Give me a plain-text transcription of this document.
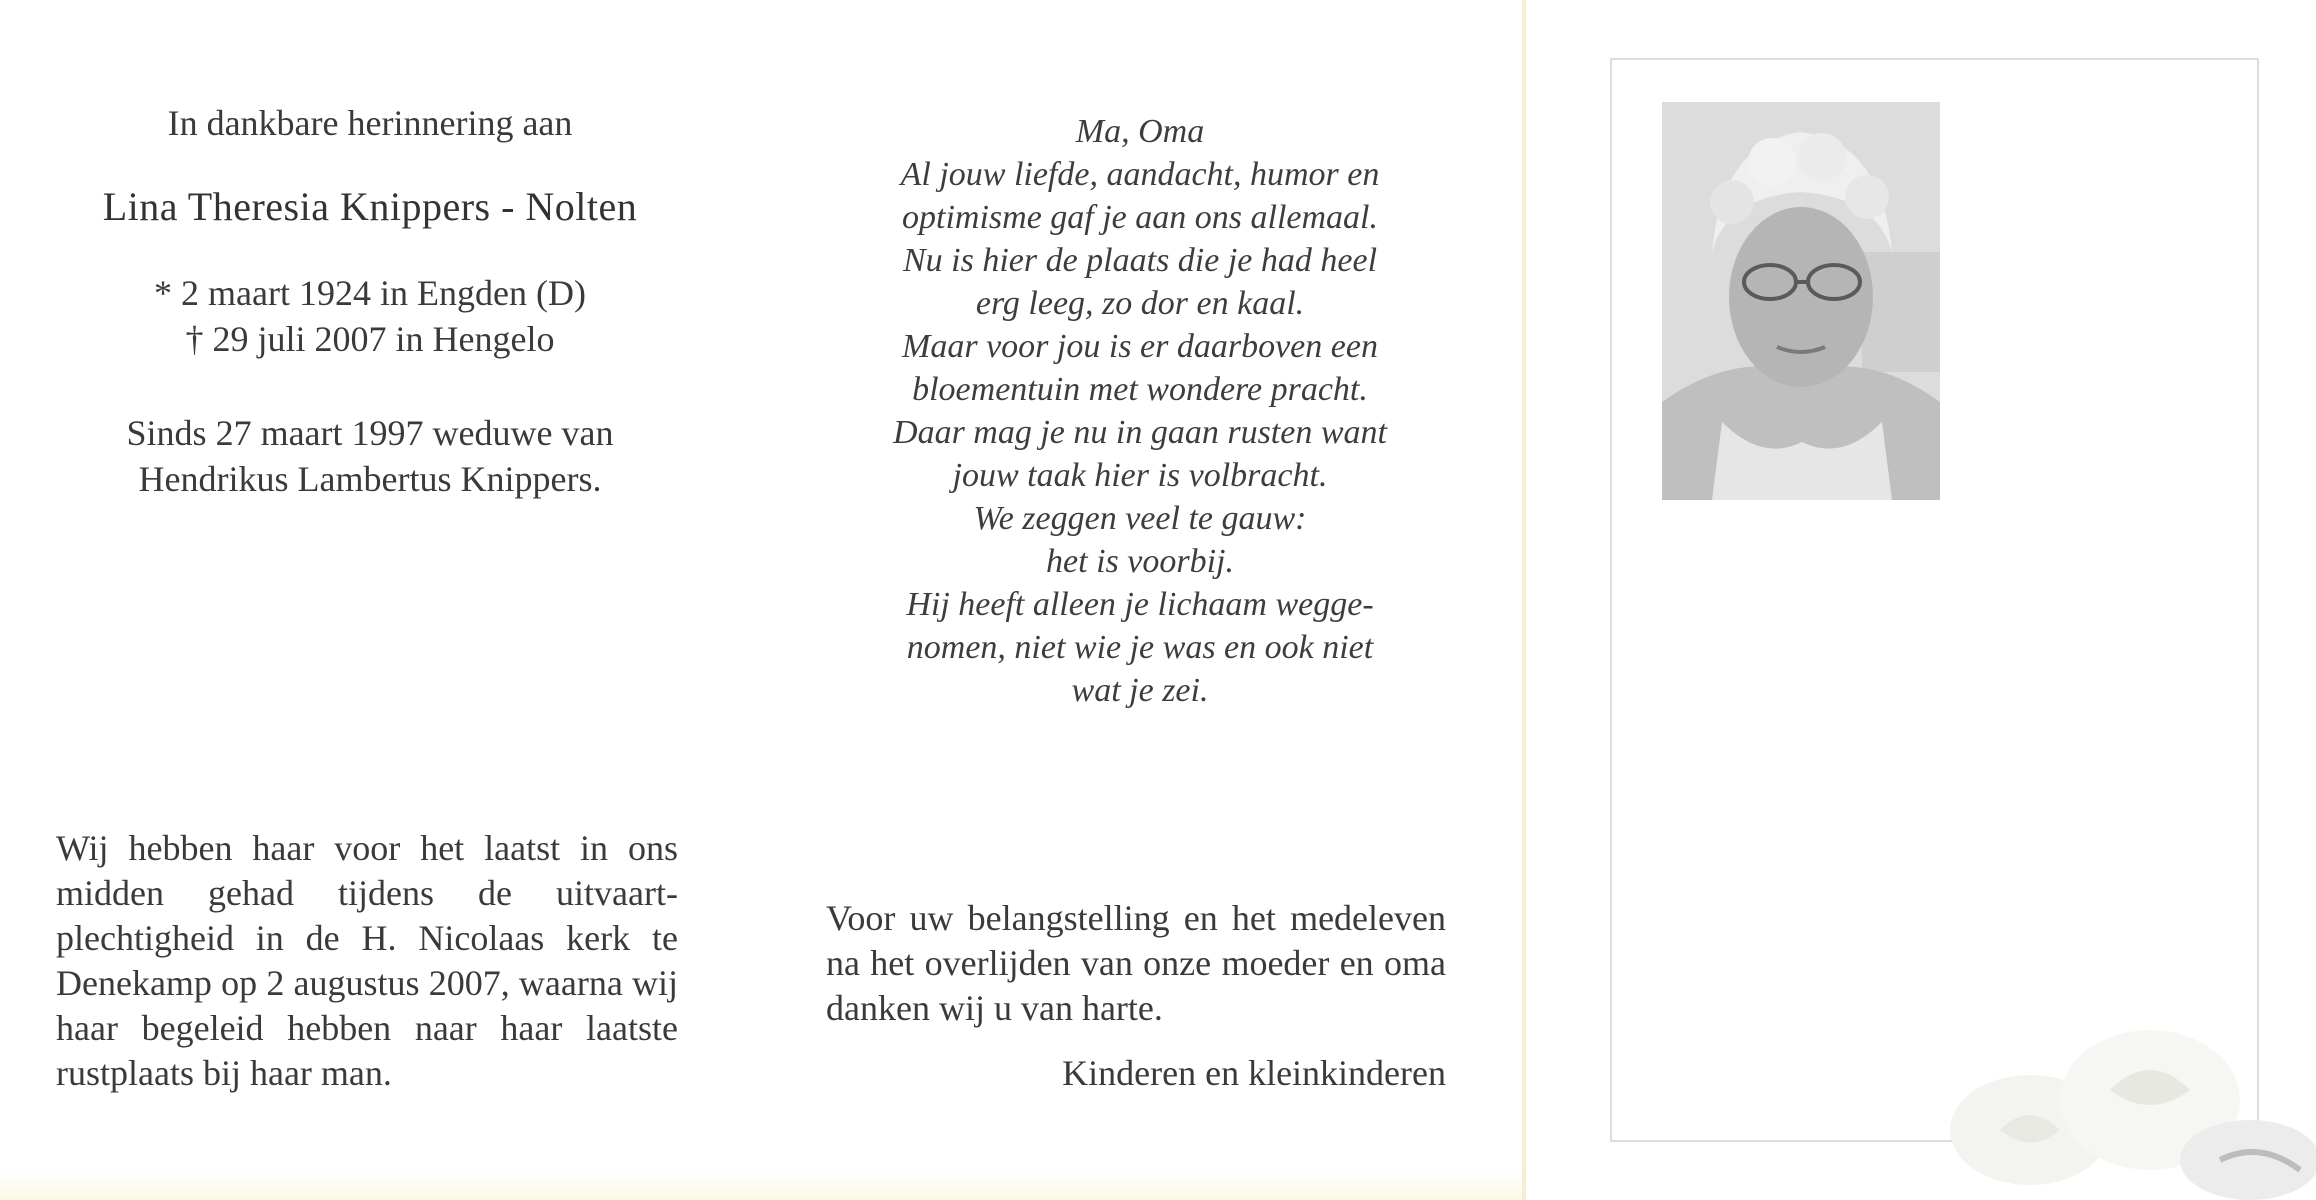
In dankbare herinnering aan

Lina Theresia Knippers - Nolten

* 2 maart 1924 in Engden (D)
† 29 juli 2007 in Hengelo
Sinds 27 maart 1997 weduwe van
Hendrikus Lambertus Knippers.

Ma, Oma

Al jouw liefde, aandacht, humor en

optimisme gaf je aan ons allemaal.

Nu is hier de plaats die je had heel

erg leeg, zo dor en kaal.

Maar voor jou is er daarboven een

bloementuin met wondere pracht.

Daar mag je nu in gaan rusten want

jouw taak hier is volbracht.

We zeggen veel te gauw:

het is voorbij.

Hij heeft alleen je lichaam wegge-

nomen, niet wie je was en ook niet

wat je zei.

Wij hebben haar voor het laatst in ons midden gehad tijdens de uitvaart-plechtigheid in de H. Nicolaas kerk te Denekamp op 2 augustus 2007, waarna wij haar begeleid hebben naar haar laatste rustplaats bij haar man.
Voor uw belangstelling en het medeleven na het overlijden van onze moeder en oma danken wij u van harte.
Kinderen en kleinkinderen
